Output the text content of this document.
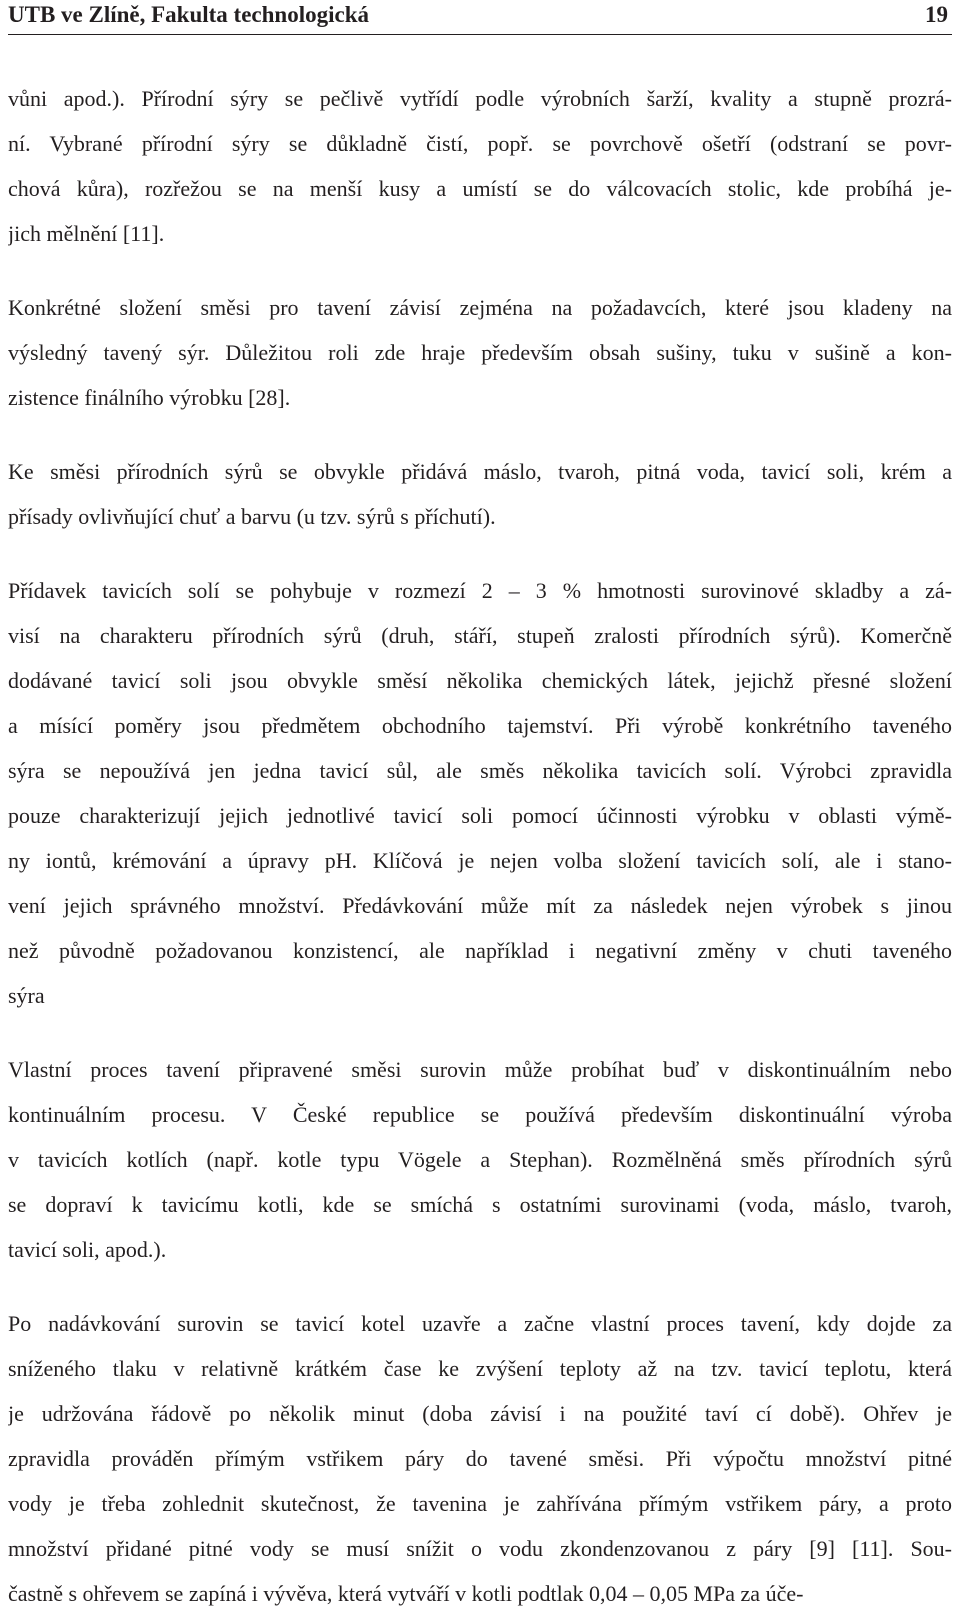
UTB ve Zlíně, Fakulta technologická	19
vůni apod.). Přírodní sýry se pečlivě vytřídí podle výrobních šarží, kvality a stupně prozrá-
ní. Vybrané přírodní sýry se důkladně čistí, popř. se povrchově ošetří (odstraní se povr-
chová kůra), rozřežou se na menší kusy a umístí se do válcovacích stolic, kde probíhá je-
jich mělnění [11].
Konkrétné složení směsi pro tavení závisí zejména na požadavcích, které jsou kladeny na
výsledný tavený sýr. Důležitou roli zde hraje především obsah sušiny, tuku v sušině a kon-
zistence finálního výrobku [28].
Ke směsi přírodních sýrů se obvykle přidává máslo, tvaroh, pitná voda, tavicí soli, krém a
přísady ovlivňující chuť a barvu (u tzv. sýrů s příchutí).
Přídavek tavicích solí se pohybuje v rozmezí 2 – 3 % hmotnosti surovinové skladby a zá-
visí na charakteru přírodních sýrů (druh, stáří, stupeň zralosti přírodních sýrů). Komerčně
dodávané tavicí soli jsou obvykle směsí několika chemických látek, jejichž přesné složení
a mísící poměry jsou předmětem obchodního tajemství. Při výrobě konkrétního taveného
sýra se nepoužívá jen jedna tavicí sůl, ale směs několika tavicích solí. Výrobci zpravidla
pouze charakterizují jejich jednotlivé tavicí soli pomocí účinnosti výrobku v oblasti výmě-
ny iontů, krémování a úpravy pH. Klíčová je nejen volba složení tavicích solí, ale i stano-
vení jejich správného množství. Předávkování může mít za následek nejen výrobek s jinou
než původně požadovanou konzistencí, ale například i negativní změny v chuti taveného
sýra
Vlastní proces tavení připravené směsi surovin může probíhat buď v diskontinuálním nebo
kontinuálním procesu. V České republice se používá především diskontinuální výroba
v tavicích kotlích (např. kotle typu Vögele a Stephan). Rozmělněná směs přírodních sýrů
se dopraví k tavicímu kotli, kde se smíchá s ostatními surovinami (voda, máslo, tvaroh,
tavicí soli, apod.).
Po nadávkování surovin se tavicí kotel uzavře a začne vlastní proces tavení, kdy dojde za
sníženého tlaku v relativně krátkém čase ke zvýšení teploty až na tzv. tavicí teplotu, která
je udržována řádově po několik minut (doba závisí i na použité taví cí době). Ohřev je
zpravidla prováděn přímým vstřikem páry do tavené směsi. Při výpočtu množství pitné
vody je třeba zohlednit skutečnost, že tavenina je zahřívána přímým vstřikem páry, a proto
množství přidané pitné vody se musí snížit o vodu zkondenzovanou z páry [9] [11]. Sou-
častně s ohřevem se zapíná i vývěva, která vytváří v kotli podtlak 0,04 – 0,05 MPa za úče-
